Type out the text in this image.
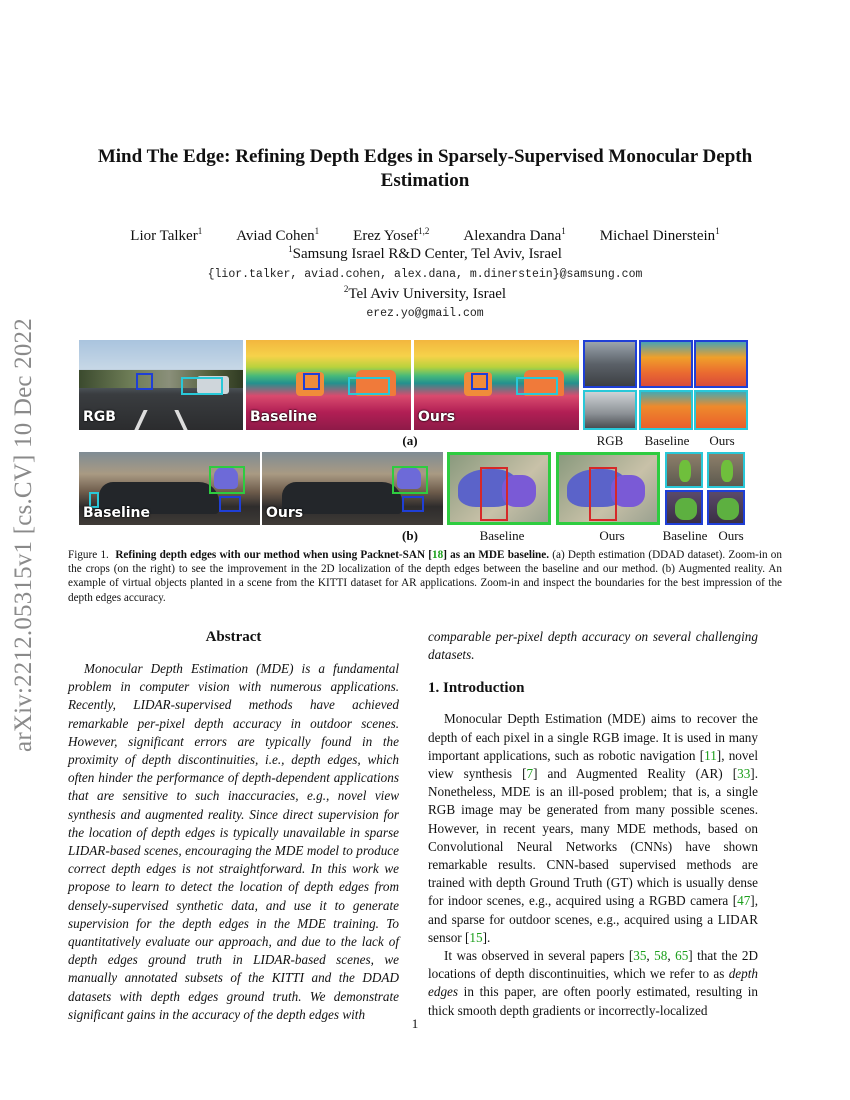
arXiv:2212.05315v1 [cs.CV] 10 Dec 2022
Mind The Edge: Refining Depth Edges in Sparsely-Supervised Monocular Depth Estimation
Lior Talker$^1$ Aviad Cohen$^1$ Erez Yosef$^{1,2}$ Alexandra Dana$^1$ Michael Dinerstein$^1$
$^1$Samsung Israel R&D Center, Tel Aviv, Israel
{lior.talker, aviad.cohen, alex.dana, m.dinerstein}@samsung.com
$^2$Tel Aviv University, Israel
erez.yo@gmail.com
RGB	Baseline	Ours
(a)	RGB	Baseline	Ours
Baseline	Ours
(b)	Baseline	Ours	Baseline Ours
Figure 1. Refining depth edges with our method when using Packnet-SAN [18] as an MDE baseline. (a) Depth estimation (DDAD dataset). Zoom-in on the crops (on the right) to see the improvement in the 2D localization of the depth edges between the baseline and our method. (b) Augmented reality. An example of virtual objects planted in a scene from the KITTI dataset for AR applications. Zoom-in and inspect the boundaries for the best impression of the depth edges accuracy.
Abstract

Monocular Depth Estimation (MDE) is a fundamental problem in computer vision with numerous applications. Recently, LIDAR-supervised methods have achieved remarkable per-pixel depth accuracy in outdoor scenes. However, significant errors are typically found in the proximity of depth discontinuities, i.e., depth edges, which often hinder the performance of depth-dependent applications that are sensitive to such inaccuracies, e.g., novel view synthesis and augmented reality. Since direct supervision for the location of depth edges is typically unavailable in sparse LIDAR-based scenes, encouraging the MDE model to produce correct depth edges is not straightforward. In this work we propose to learn to detect the location of depth edges from densely-supervised synthetic data, and use it to generate supervision for the depth edges in the MDE training. To quantitatively evaluate our approach, and due to the lack of depth edges ground truth in LIDAR-based scenes, we manually annotated subsets of the KITTI and the DDAD datasets with depth edges ground truth. We demonstrate significant gains in the accuracy of the depth edges with

comparable per-pixel depth accuracy on several challenging datasets.

1. Introduction

Monocular Depth Estimation (MDE) aims to recover the depth of each pixel in a single RGB image. It is used in many important applications, such as robotic navigation [11], novel view synthesis [7] and Augmented Reality (AR) [33]. Nonetheless, MDE is an ill-posed problem; that is, a single RGB image may be generated from many possible scenes. However, in recent years, many MDE methods, based on Convolutional Neural Networks (CNNs) have shown remarkable results. CNN-based supervised methods are trained with depth Ground Truth (GT) which is usually dense for indoor scenes, e.g., acquired using a RGBD camera [47], and sparse for outdoor scenes, e.g., acquired using a LIDAR sensor [15].

It was observed in several papers [35, 58, 65] that the 2D locations of depth discontinuities, which we refer to as depth edges in this paper, are often poorly estimated, resulting in thick smooth depth gradients or incorrectly-localized

1
